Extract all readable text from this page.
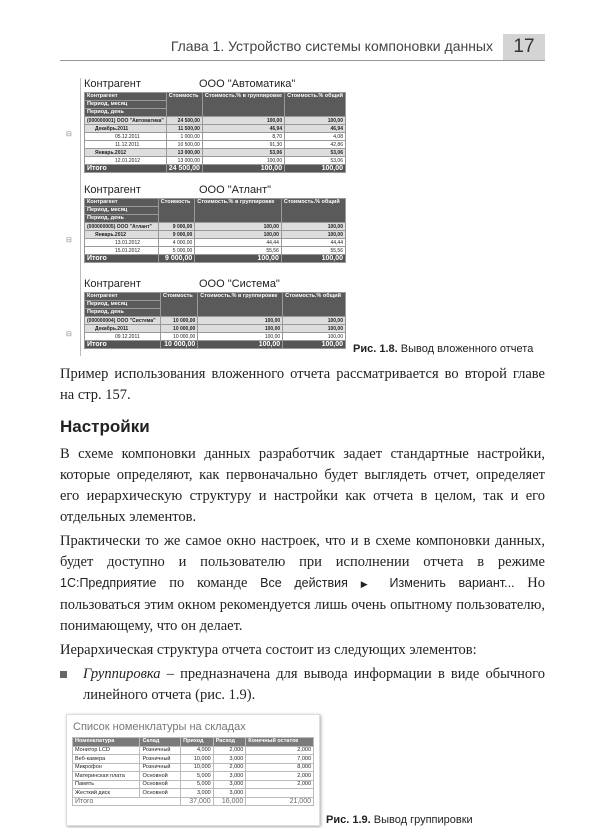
Глава 1. Устройство системы компоновки данных	17
Контрагент	ООО "Автоматика"
Контрагент	Стоимость	Стоимость.% в группировке	Стоимость.% общий
Период, месяц			
Период, день			
(000000001) ООО "Автоматика"	24 500,00	100,00	100,00
Декабрь.2011	11 500,00	46,94	46,94
05.12.2011	1 000,00	8,70	4,08
11.12.2011	10 500,00	91,30	42,86
Январь.2012	13 000,00	53,06	53,06
12.01.2012	13 000,00	100,00	53,06
Итого	24 500,00	100,00	100,00
⊟
Контрагент	ООО "Атлант"
Контрагент	Стоимость	Стоимость.% в группировке	Стоимость.% общий
Период, месяц			
Период, день			
(000000005) ООО "Атлант"	9 000,00	100,00	100,00
Январь.2012	9 000,00	100,00	100,00
13.01.2012	4 000,00	44,44	44,44
15.01.2012	5 000,00	55,56	55,56
Итого	9 000,00	100,00	100,00
⊟
Контрагент	ООО "Система"
Контрагент	Стоимость	Стоимость.% в группировке	Стоимость.% общий
Период, месяц			
Период, день			
(000000004) ООО "Система"	10 000,00	100,00	100,00
Декабрь.2011	10 000,00	100,00	100,00
09.12.2011	10 000,00	100,00	100,00
Итого	10 000,00	100,00	100,00
⊟
Рис. 1.8. Вывод вложенного отчета
Пример использования вложенного отчета рассматривается во второй главе на стр. 157.
Настройки
В схеме компоновки данных разработчик задает стандартные настройки, которые определяют, как первоначально будет выглядеть отчет, определяет его иерархическую структуру и настройки как отчета в целом, так и его отдельных элементов.
Практически то же самое окно настроек, что и в схеме компоновки данных, будет доступно и пользователю при исполнении отчета в режиме 1С:Предприятие по команде Все действия ▶ Изменить вариант... Но пользоваться этим окном рекомендуется лишь очень опытному пользователю, понимающему, что он делает.
Иерархическая структура отчета состоит из следующих элементов:
Группировка – предназначена для вывода информации в виде обычного линейного отчета (рис. 1.9).
Список номенклатуры на складах
Номенклатура	Склад	Приход	Расход	Конечный остаток
Монитор LCD	Розничный	4,000	2,000	2,000
Веб-камера	Розничный	10,000	3,000	7,000
Микрофон	Розничный	10,000	2,000	8,000
Материнская плата	Основной	5,000	3,000	2,000
Память	Основной	5,000	3,000	2,000
Жесткий диск	Основной	3,000	3,000	
Итого		37,000	16,000	21,000
Рис. 1.9. Вывод группировки
